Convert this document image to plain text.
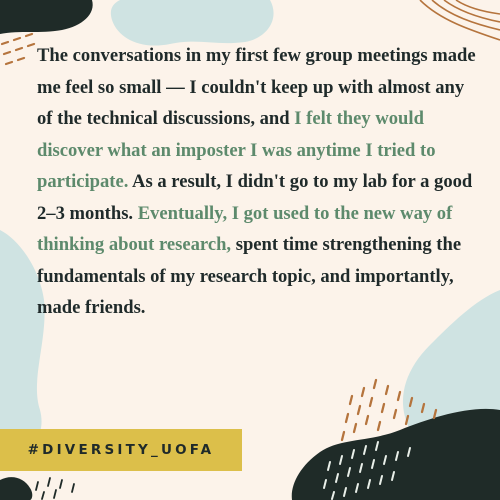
The conversations in my first few group meetings made me feel so small — I couldn't keep up with almost any of the technical discussions, and I felt they would discover what an imposter I was anytime I tried to participate. As a result, I didn't go to my lab for a good 2–3 months. Eventually, I got used to the new way of thinking about research, spent time strengthening the fundamentals of my research topic, and importantly, made friends.

#DIVERSITY_UOFA
